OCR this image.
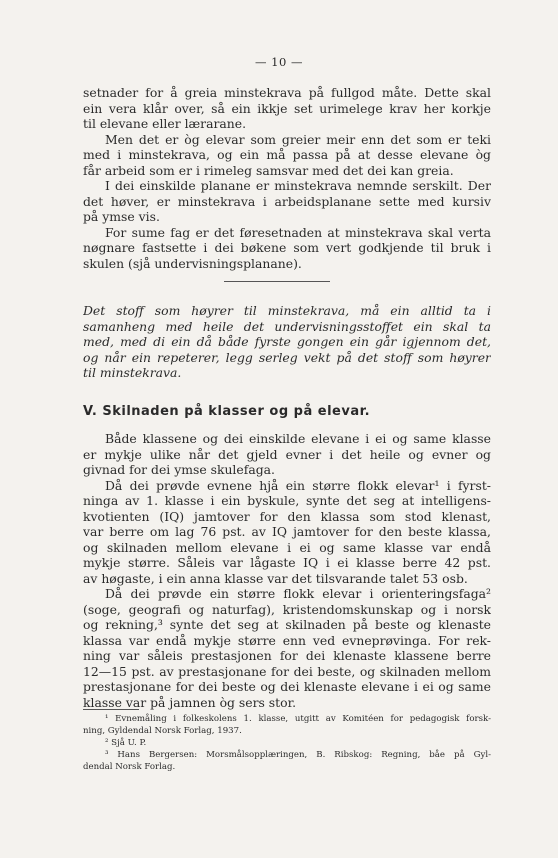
— 10 —
setnader for å greia minstekrava på fullgod måte. Dette skal
ein vera klår over, så ein ikkje set urimelege krav her korkje
til elevane eller lærarane.
Men det er òg elevar som greier meir enn det som er teki
med i minstekrava, og ein må passa på at desse elevane òg
får arbeid som er i rimeleg samsvar med det dei kan greia.
I dei einskilde planane er minstekrava nemnde serskilt. Der
det høver, er minstekrava i arbeidsplanane sette med kursiv
på ymse vis.
For sume fag er det føresetnaden at minstekrava skal verta
nøgnare fastsette i dei bøkene som vert godkjende til bruk i
skulen (sjå undervisningsplanane).
Det stoff som høyrer til minstekrava, må ein alltid ta i
samanheng med heile det undervisningsstoffet ein skal ta
med, med di ein då både fyrste gongen ein går igjennom det,
og når ein repeterer, legg serleg vekt på det stoff som høyrer
til minstekrava.
V. Skilnaden på klasser og på elevar.
Både klassene og dei einskilde elevane i ei og same klasse
er mykje ulike når det gjeld evner i det heile og evner og
givnad for dei ymse skulefaga.
Då dei prøvde evnene hjå ein større flokk elevar¹ i fyrst-
ninga av 1. klasse i ein byskule, synte det seg at intelligens-
kvotienten (IQ) jamtover for den klassa som stod klenast,
var berre om lag 76 pst. av IQ jamtover for den beste klassa,
og skilnaden mellom elevane i ei og same klasse var endå
mykje større. Såleis var lågaste IQ i ei klasse berre 42 pst.
av høgaste, i ein anna klasse var det tilsvarande talet 53 osb.
Då dei prøvde ein større flokk elevar i orienteringsfaga²
(soge, geografi og naturfag), kristendomskunskap og i norsk
og rekning,³ synte det seg at skilnaden på beste og klenaste
klassa var endå mykje større enn ved evneprøvinga. For rek-
ning var såleis prestasjonen for dei klenaste klassene berre
12—15 pst. av prestasjonane for dei beste, og skilnaden mellom
prestasjonane for dei beste og dei klenaste elevane i ei og same
klasse var på jamnen òg sers stor.
¹ Evnemåling i folkeskolens 1. klasse, utgitt av Komitéen for pedagogisk forsk-
ning, Gyldendal Norsk Forlag, 1937.
² Sjå U. P.
³ Hans Bergersen: Morsmålsopplæringen, B. Ribskog: Regning, båe på Gyl-
dendal Norsk Forlag.
